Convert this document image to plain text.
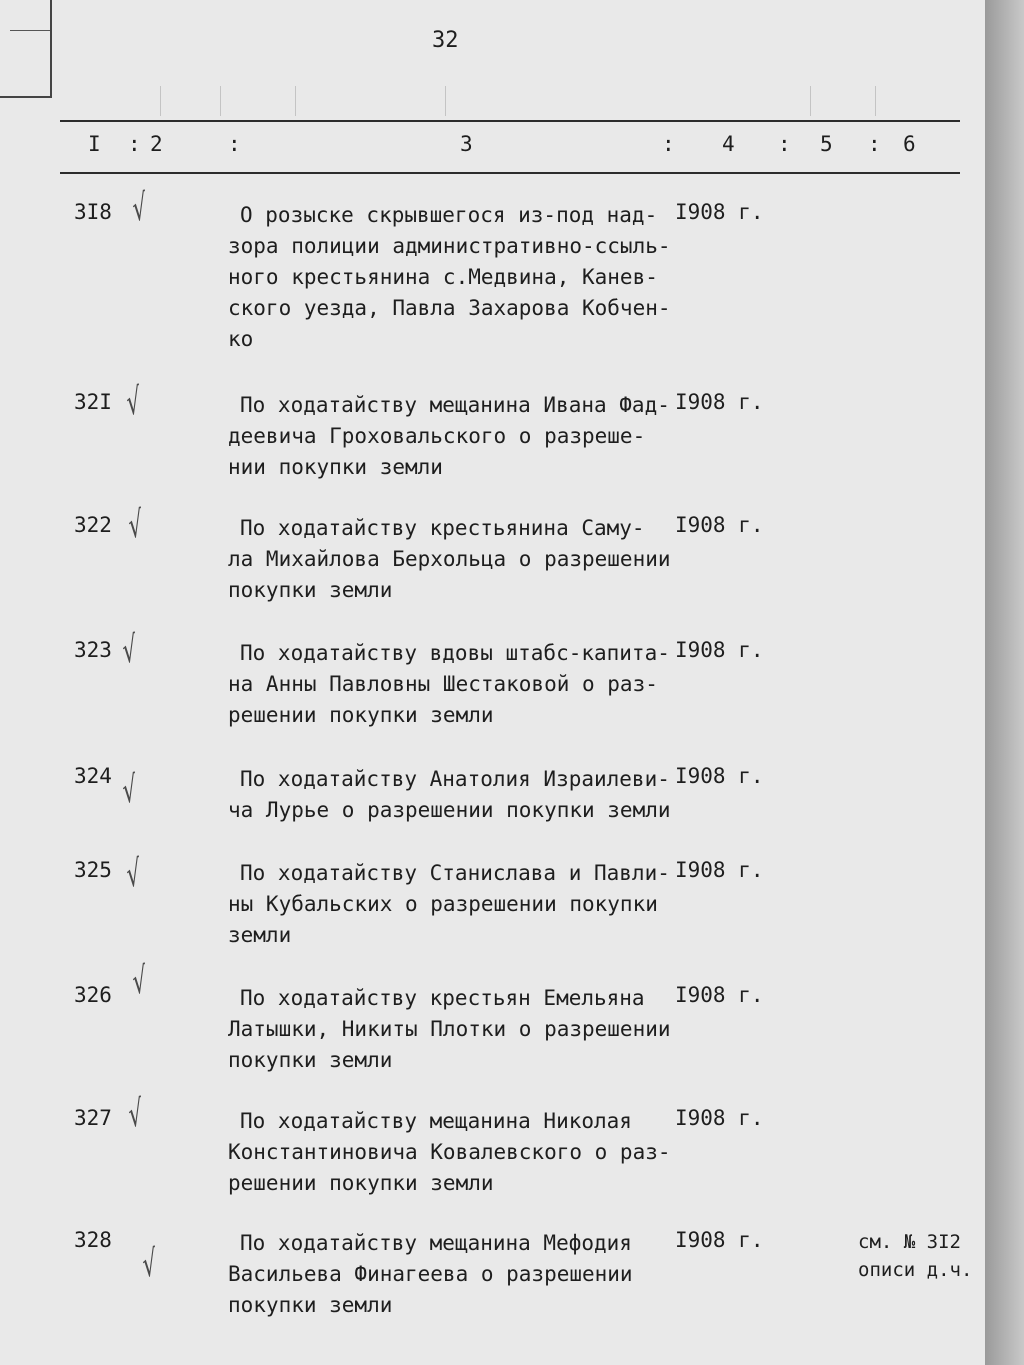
32
I : 2	:	3	: 4 : 5 : 6
3I8 √	О розыске скрывшегося из-под над-
зора полиции административно-ссыль-
ного крестьянина с.Медвина, Канев-
ского уезда, Павла Захарова Кобчен-
ко
I908 г.
32I √	По ходатайству мещанина Ивана Фад-
деевича Гроховальского о разреше-
нии покупки земли
I908 г.
322 √	По ходатайству крестьянина Саму-
ла Михайлова Берхольца о разрешении
покупки земли
I908 г.
323 √	По ходатайству вдовы штабс-капита-
на Анны Павловны Шестаковой о раз-
решении покупки земли
I908 г.
324 √	По ходатайству Анатолия Израилеви-
ча Лурье о разрешении покупки земли
I908 г.
325 √	По ходатайству Станислава и Павли-
ны Кубальских о разрешении покупки
земли
I908 г.
326 √	По ходатайству крестьян Емельяна
Латышки, Никиты Плотки о разрешении
покупки земли
I908 г.
327 √	По ходатайству мещанина Николая
Константиновича Ковалевского о раз-
решении покупки земли
I908 г.
328
√	По ходатайству мещанина Мефодия
Васильева Финагеева о разрешении
покупки земли
I908 г.	см. № 3I2
описи д.ч.
